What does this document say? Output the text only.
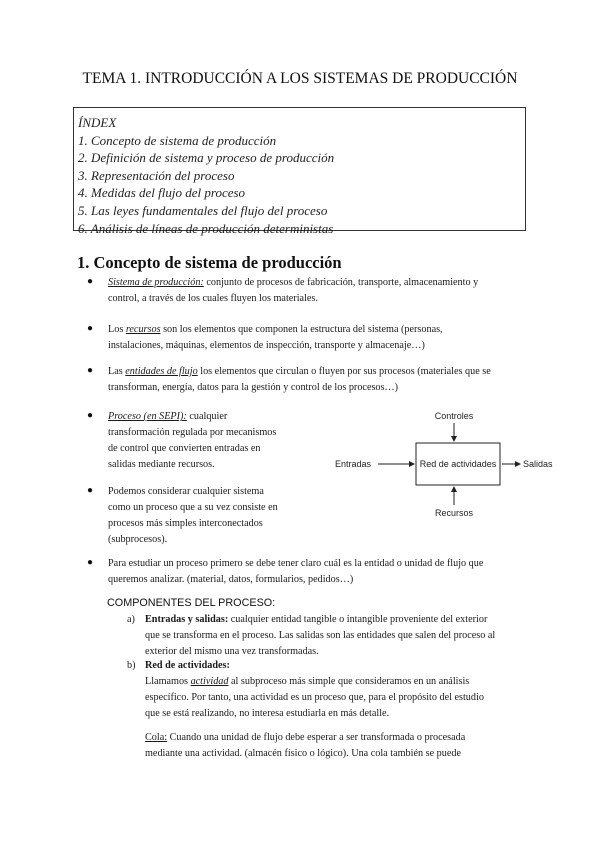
TEMA 1. INTRODUCCIÓN A LOS SISTEMAS DE PRODUCCIÓN
ÍNDEX
1. Concepto de sistema de producción
2. Definición de sistema y proceso de producción
3. Representación del proceso
4. Medidas del flujo del proceso
5. Las leyes fundamentales del flujo del proceso
6. Análisis de líneas de producción deterministas
1. Concepto de sistema de producción
● Sistema de producción: conjunto de procesos de fabricación, transporte, almacenamiento y
control, a través de los cuales fluyen los materiales.
● Los recursos son los elementos que componen la estructura del sistema (personas,
instalaciones, máquinas, elementos de inspección, transporte y almacenaje…)
● Las entidades de flujo los elementos que circulan o fluyen por sus procesos (materiales que se
transforman, energía, datos para la gestión y control de los procesos…)
● Proceso (en SEPI): cualquier
transformación regulada por mecanismos
de control que convierten entradas en
salidas mediante recursos.
● Podemos considerar cualquier sistema
como un proceso que a su vez consiste en
procesos más simples interconectados
(subprocesos).
Red de actividades
Controles
Recursos
Entradas	Salidas
● Para estudiar un proceso primero se debe tener claro cuál es la entidad o unidad de flujo que
queremos analizar. (material, datos, formularios, pedidos…)
COMPONENTES DEL PROCESO:
a) Entradas y salidas: cualquier entidad tangible o intangible proveniente del exterior
que se transforma en el proceso. Las salidas son las entidades que salen del proceso al
exterior del mismo una vez transformadas.
b) Red de actividades:
Llamamos actividad al subproceso más simple que consideramos en un análisis
específico. Por tanto, una actividad es un proceso que, para el propósito del estudio
que se está realizando, no interesa estudiarla en más detalle.
Cola: Cuando una unidad de flujo debe esperar a ser transformada o procesada
mediante una actividad. (almacén físico o lógico). Una cola también se puede
